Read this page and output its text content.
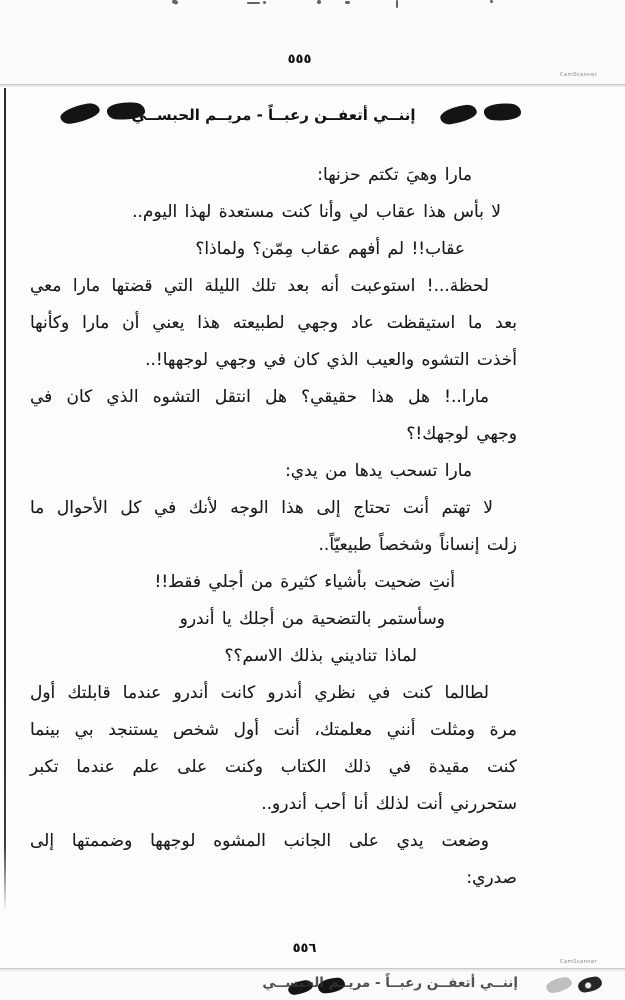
٥٥٥
CamScanner
إننــي أتعفــن رعبــاً - مريــم الحبســي
مارا وهيَ تكتم حزنها:
لا بأس هذا عقاب لي وأنا كنت مستعدة لهذا اليوم..
عقاب!! لم أفهم عقاب مِمّن؟ ولماذا؟
لحظة...! استوعبت أنه بعد تلك الليلة التي قضتها مارا معي
بعد ما استيقظت عاد وجهي لطبيعته هذا يعني أن مارا وكأنها
أخذت التشوه والعيب الذي كان في وجهي لوجهها!..
مارا..! هل هذا حقيقي؟ هل انتقل التشوه الذي كان في
وجهي لوجهك!؟
مارا تسحب يدها من يدي:
لا تهتم أنت تحتاج إلى هذا الوجه لأنك في كل الأحوال ما
زلت إنساناً وشخصاً طبيعيّاً..
أنتِ ضحيت بأشياء كثيرة من أجلي فقط!!
وسأستمر بالتضحية من أجلك يا أندرو
لماذا تناديني بذلك الاسم؟؟
لطالما كنت في نظري أندرو كانت أندرو عندما قابلتك أول
مرة ومثلت أنني معلمتك، أنت أول شخص يستنجد بي بينما
كنت مقيدة في ذلك الكتاب وكنت على علم عندما تكبر
ستحررني أنت لذلك أنا أحب أندرو..
وضعت يدي على الجانب المشوه لوجهها وضممتها إلى
صدري:
٥٥٦
CamScanner
إننــي أتعفــن رعبــاً - مريــم الحبســي
